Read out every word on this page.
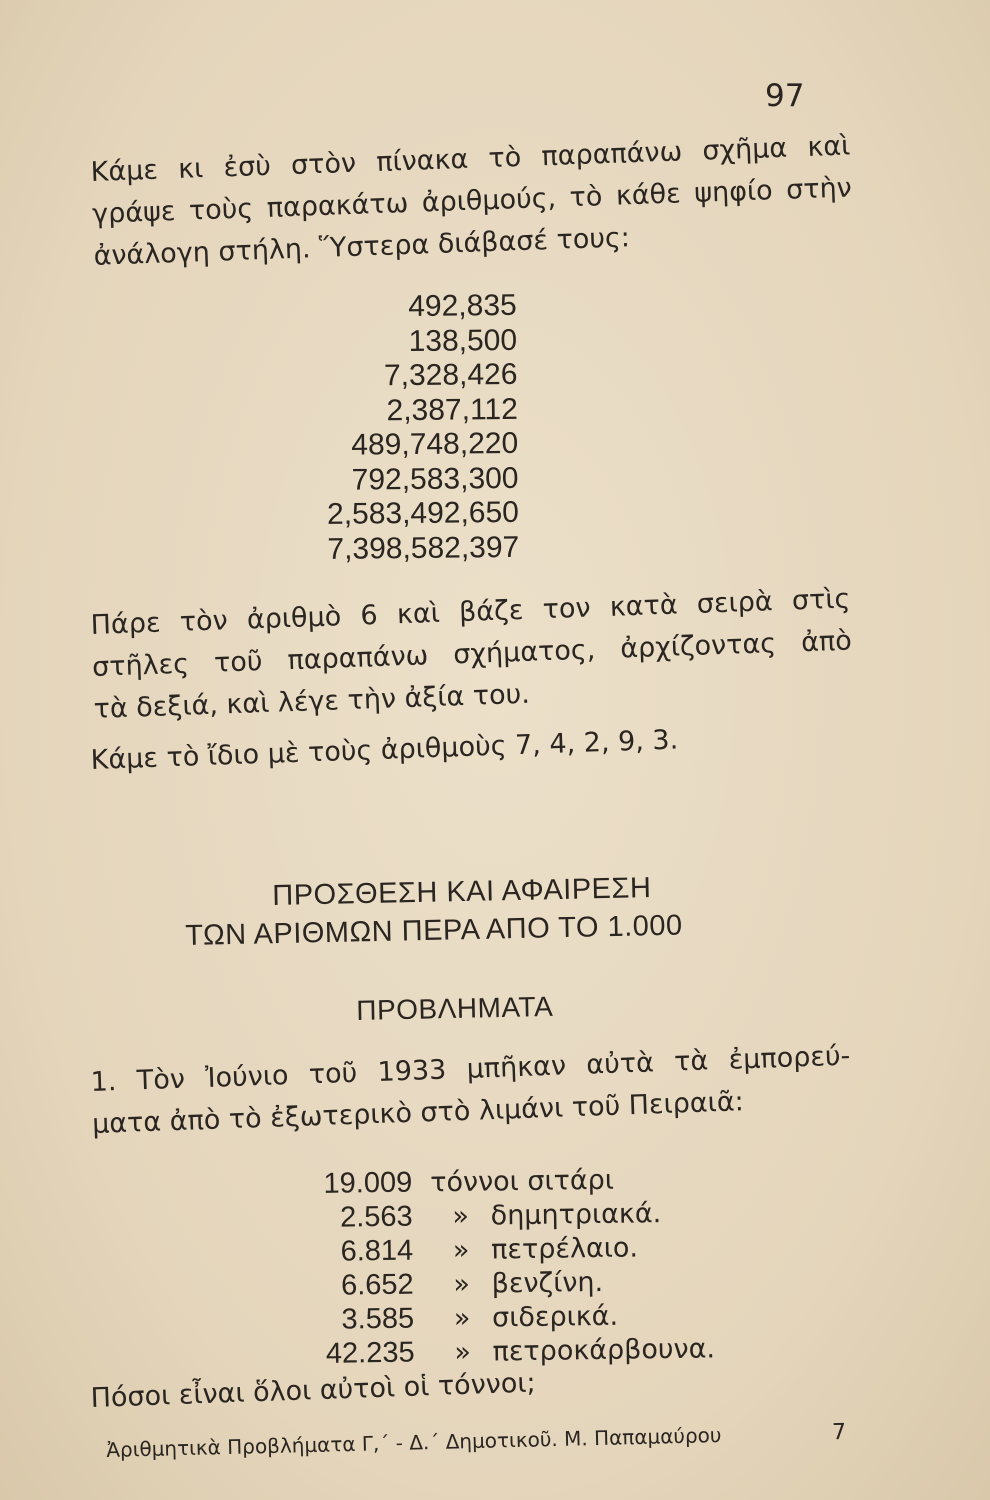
97
Κάμε κι ἐσὺ στὸν πίνακα τὸ παραπάνω σχῆμα καὶ
γράψε τοὺς παρακάτω ἀριθμούς, τὸ κάθε ψηφίο στὴν
ἀνάλογη στήλη. Ὕστερα διάβασέ τους:
492,835
138,500
7,328,426
2,387,112
489,748,220
792,583,300
2,583,492,650
7,398,582,397
Πάρε τὸν ἀριθμὸ 6 καὶ βάζε τον κατὰ σειρὰ στὶς
στῆλες τοῦ παραπάνω σχήματος, ἀρχίζοντας ἀπὸ
τὰ δεξιά, καὶ λέγε τὴν ἀξία του.
Κάμε τὸ ἴδιο μὲ τοὺς ἀριθμοὺς 7, 4, 2, 9, 3.
ΠΡΟΣΘΕΣΗ ΚΑΙ ΑΦΑΙΡΕΣΗ
ΤΩΝ ΑΡΙΘΜΩΝ ΠΕΡΑ ΑΠΟ ΤΟ 1.000
ΠΡΟΒΛΗΜΑΤΑ
1. Τὸν Ἰούνιο τοῦ 1933 μπῆκαν αὐτὰ τὰ ἐμπορεύ-
ματα ἀπὸ τὸ ἐξωτερικὸ στὸ λιμάνι τοῦ Πειραιᾶ:
19.009 τόννοι σιτάρι
2.563	» δημητριακά.
6.814	» πετρέλαιο.
6.652	» βενζίνη.
3.585	» σιδερικά.
42.235	» πετροκάρβουνα.
Πόσοι εἶναι ὅλοι αὐτοὶ οἱ τόννοι;
Ἀριθμητικὰ Προβλήματα Γ,΄ - Δ.΄ Δημοτικοῦ. Μ. Παπαμαύρου	7
